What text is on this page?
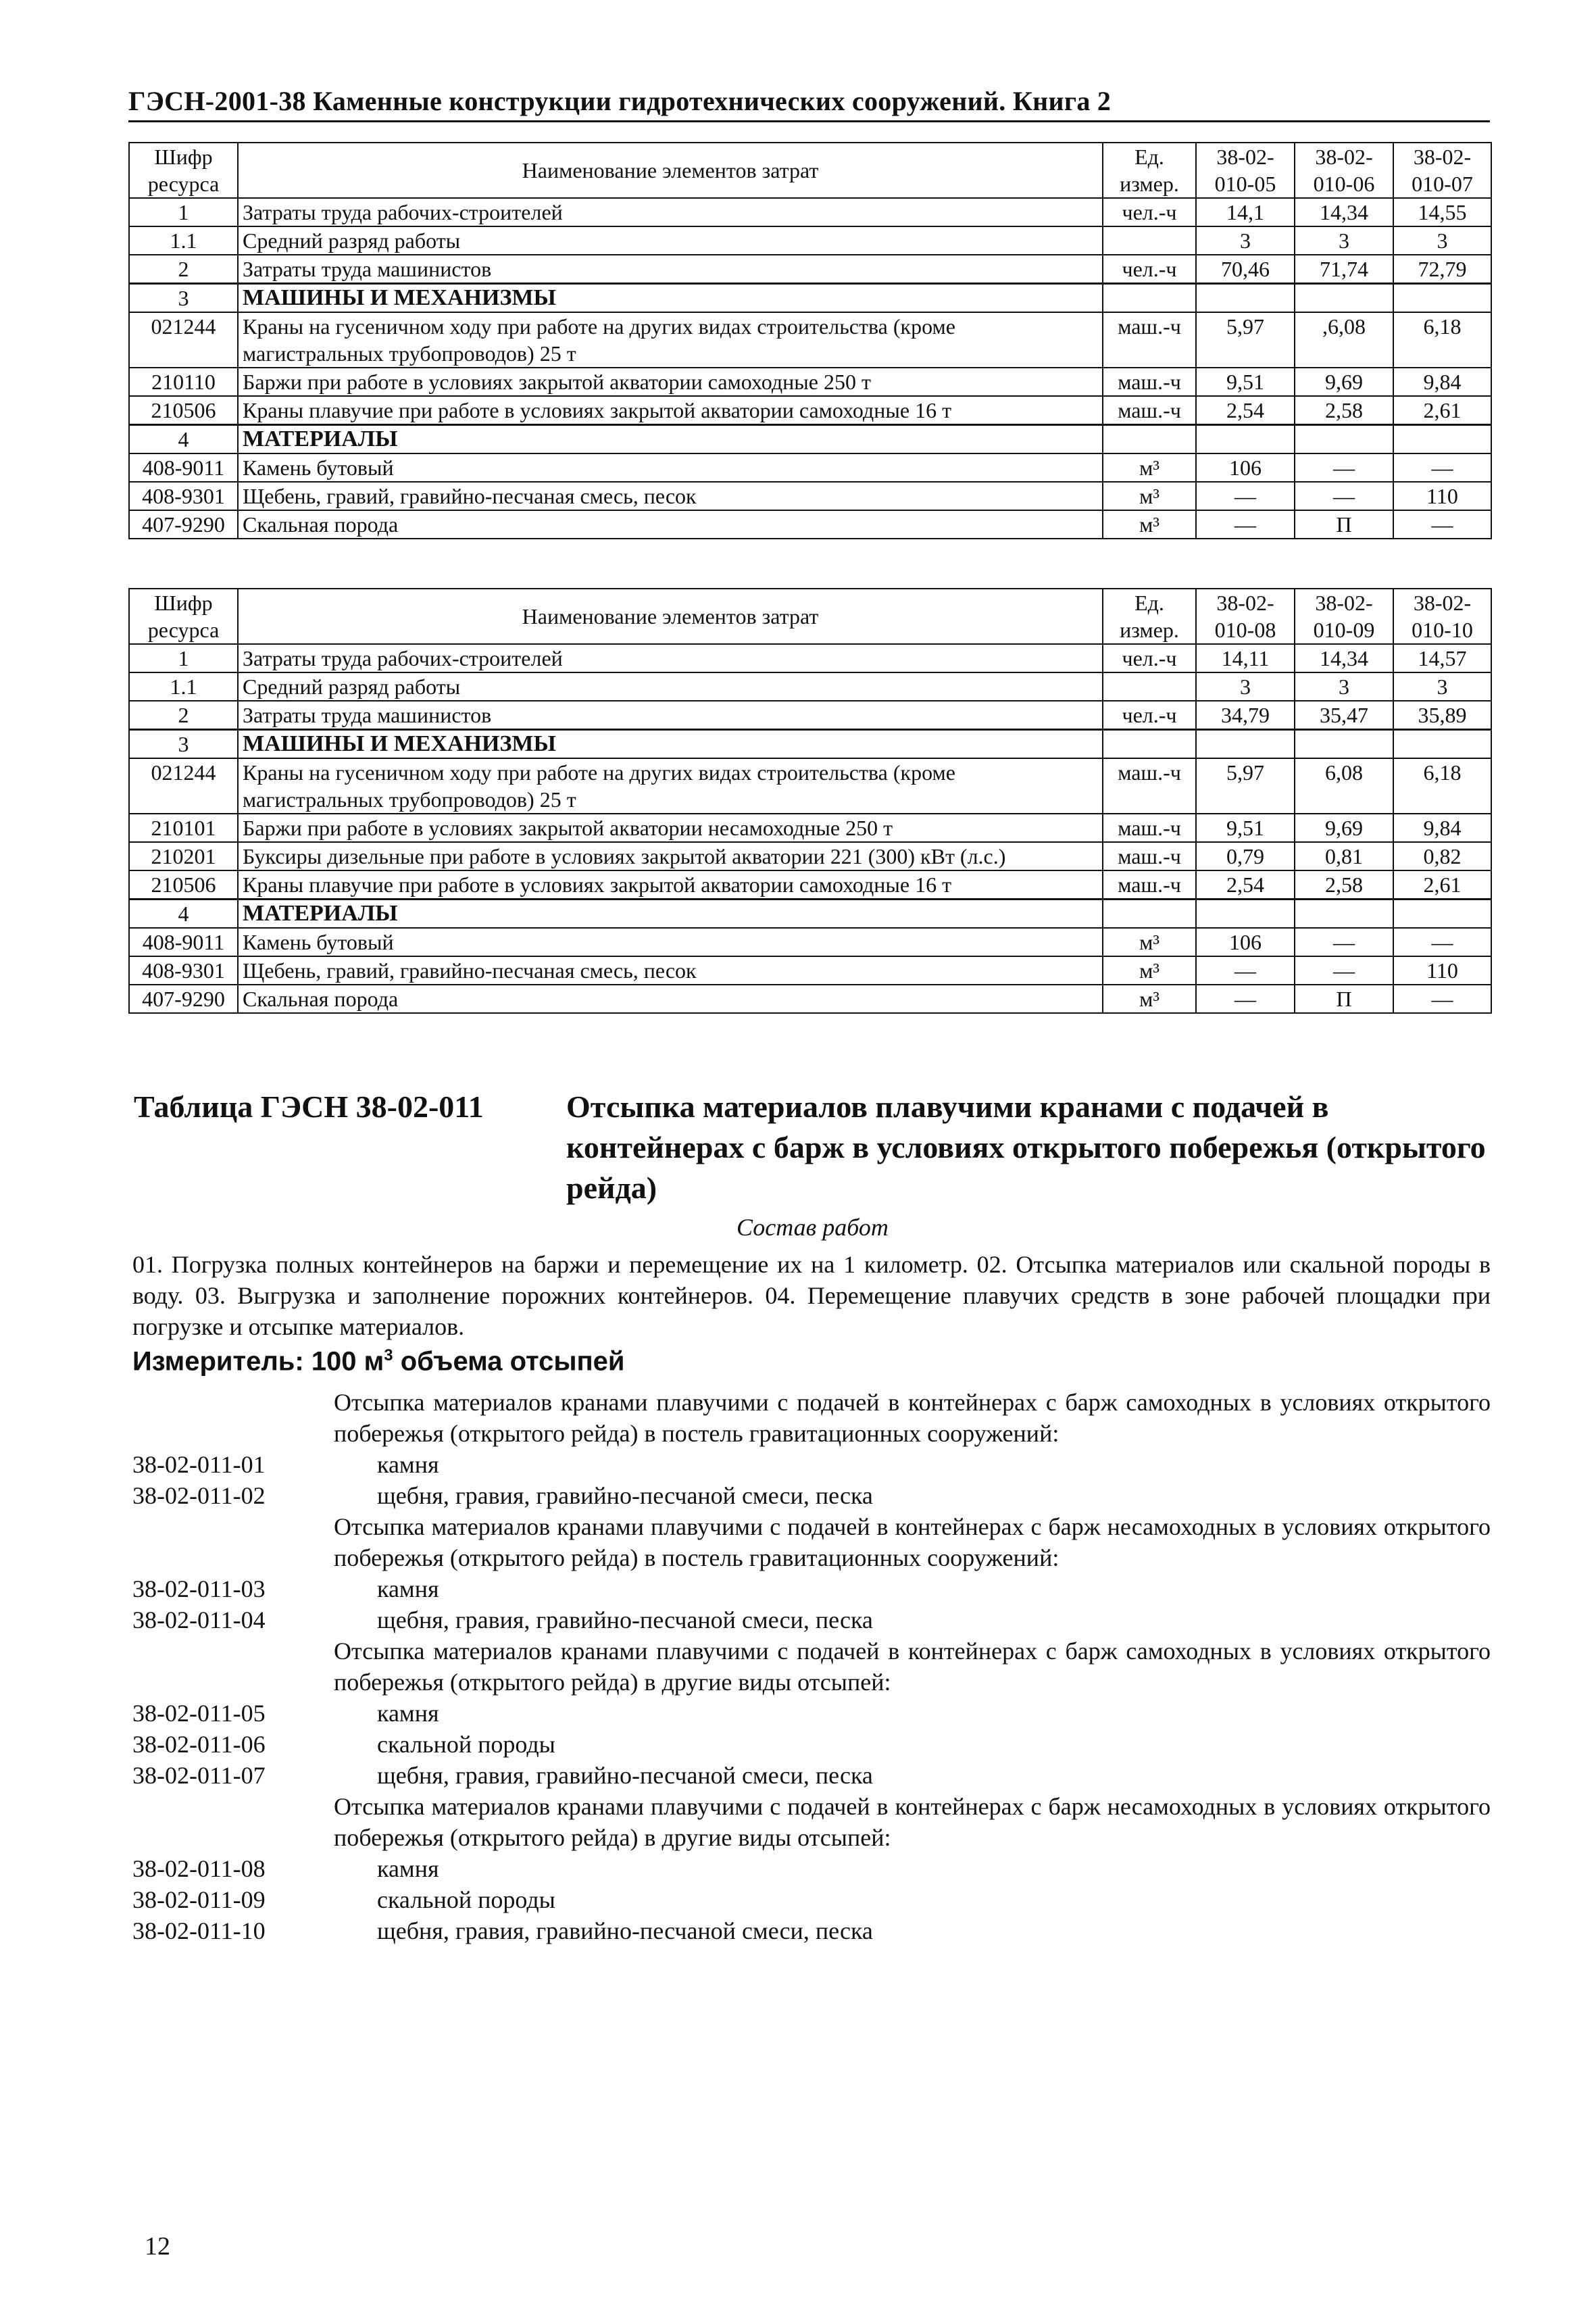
ГЭСН-2001-38 Каменные конструкции гидротехнических сооружений. Книга 2
Шифр ресурса	Наименование элементов затрат	Ед. измер.	38-02-010-05	38-02-010-06	38-02-010-07
1	Затраты труда рабочих-строителей	чел.-ч	14,1	14,34	14,55
1.1	Средний разряд работы		3	3	3
2	Затраты труда машинистов	чел.-ч	70,46	71,74	72,79
3	МАШИНЫ И МЕХАНИЗМЫ				
021244	Краны на гусеничном ходу при работе на других видах строительства (кроме магистральных трубопроводов) 25 т	маш.-ч	5,97	,6,08	6,18
210110	Баржи при работе в условиях закрытой акватории самоходные 250 т	маш.-ч	9,51	9,69	9,84
210506	Краны плавучие при работе в условиях закрытой акватории самоходные 16 т	маш.-ч	2,54	2,58	2,61
4	МАТЕРИАЛЫ				
408-9011	Камень бутовый	м³	106	—	—
408-9301	Щебень, гравий, гравийно-песчаная смесь, песок	м³	—	—	110
407-9290	Скальная порода	м³	—	П	—
Шифр ресурса	Наименование элементов затрат	Ед. измер.	38-02-010-08	38-02-010-09	38-02-010-10
1	Затраты труда рабочих-строителей	чел.-ч	14,11	14,34	14,57
1.1	Средний разряд работы		3	3	3
2	Затраты труда машинистов	чел.-ч	34,79	35,47	35,89
3	МАШИНЫ И МЕХАНИЗМЫ				
021244	Краны на гусеничном ходу при работе на других видах строительства (кроме магистральных трубопроводов) 25 т	маш.-ч	5,97	6,08	6,18
210101	Баржи при работе в условиях закрытой акватории несамоходные 250 т	маш.-ч	9,51	9,69	9,84
210201	Буксиры дизельные при работе в условиях закрытой акватории 221 (300) кВт (л.с.)	маш.-ч	0,79	0,81	0,82
210506	Краны плавучие при работе в условиях закрытой акватории самоходные 16 т	маш.-ч	2,54	2,58	2,61
4	МАТЕРИАЛЫ				
408-9011	Камень бутовый	м³	106	—	—
408-9301	Щебень, гравий, гравийно-песчаная смесь, песок	м³	—	—	110
407-9290	Скальная порода	м³	—	П	—
Таблица ГЭСН 38-02-011	Отсыпка материалов плавучими кранами с подачей в контейнерах с барж в условиях открытого побережья (открытого рейда)
Состав работ
01. Погрузка полных контейнеров на баржи и перемещение их на 1 километр. 02. Отсыпка материалов или скальной породы в воду. 03. Выгрузка и заполнение порожних контейнеров. 04. Перемещение плавучих средств в зоне рабочей площадки при погрузке и отсыпке материалов.
Измеритель: 100 $м^3$ объема отсыпей
Отсыпка материалов кранами плавучими с подачей в контейнерах с барж самоходных в условиях открытого побережья (открытого рейда) в постель гравитационных сооружений:
38-02-011-01	камня
38-02-011-02	щебня, гравия, гравийно-песчаной смеси, песка
Отсыпка материалов кранами плавучими с подачей в контейнерах с барж несамоходных в условиях открытого побережья (открытого рейда) в постель гравитационных сооружений:
38-02-011-03	камня
38-02-011-04	щебня, гравия, гравийно-песчаной смеси, песка
Отсыпка материалов кранами плавучими с подачей в контейнерах с барж самоходных в условиях открытого побережья (открытого рейда) в другие виды отсыпей:
38-02-011-05	камня
38-02-011-06	скальной породы
38-02-011-07	щебня, гравия, гравийно-песчаной смеси, песка
Отсыпка материалов кранами плавучими с подачей в контейнерах с барж несамоходных в условиях открытого побережья (открытого рейда) в другие виды отсыпей:
38-02-011-08	камня
38-02-011-09	скальной породы
38-02-011-10	щебня, гравия, гравийно-песчаной смеси, песка
12
